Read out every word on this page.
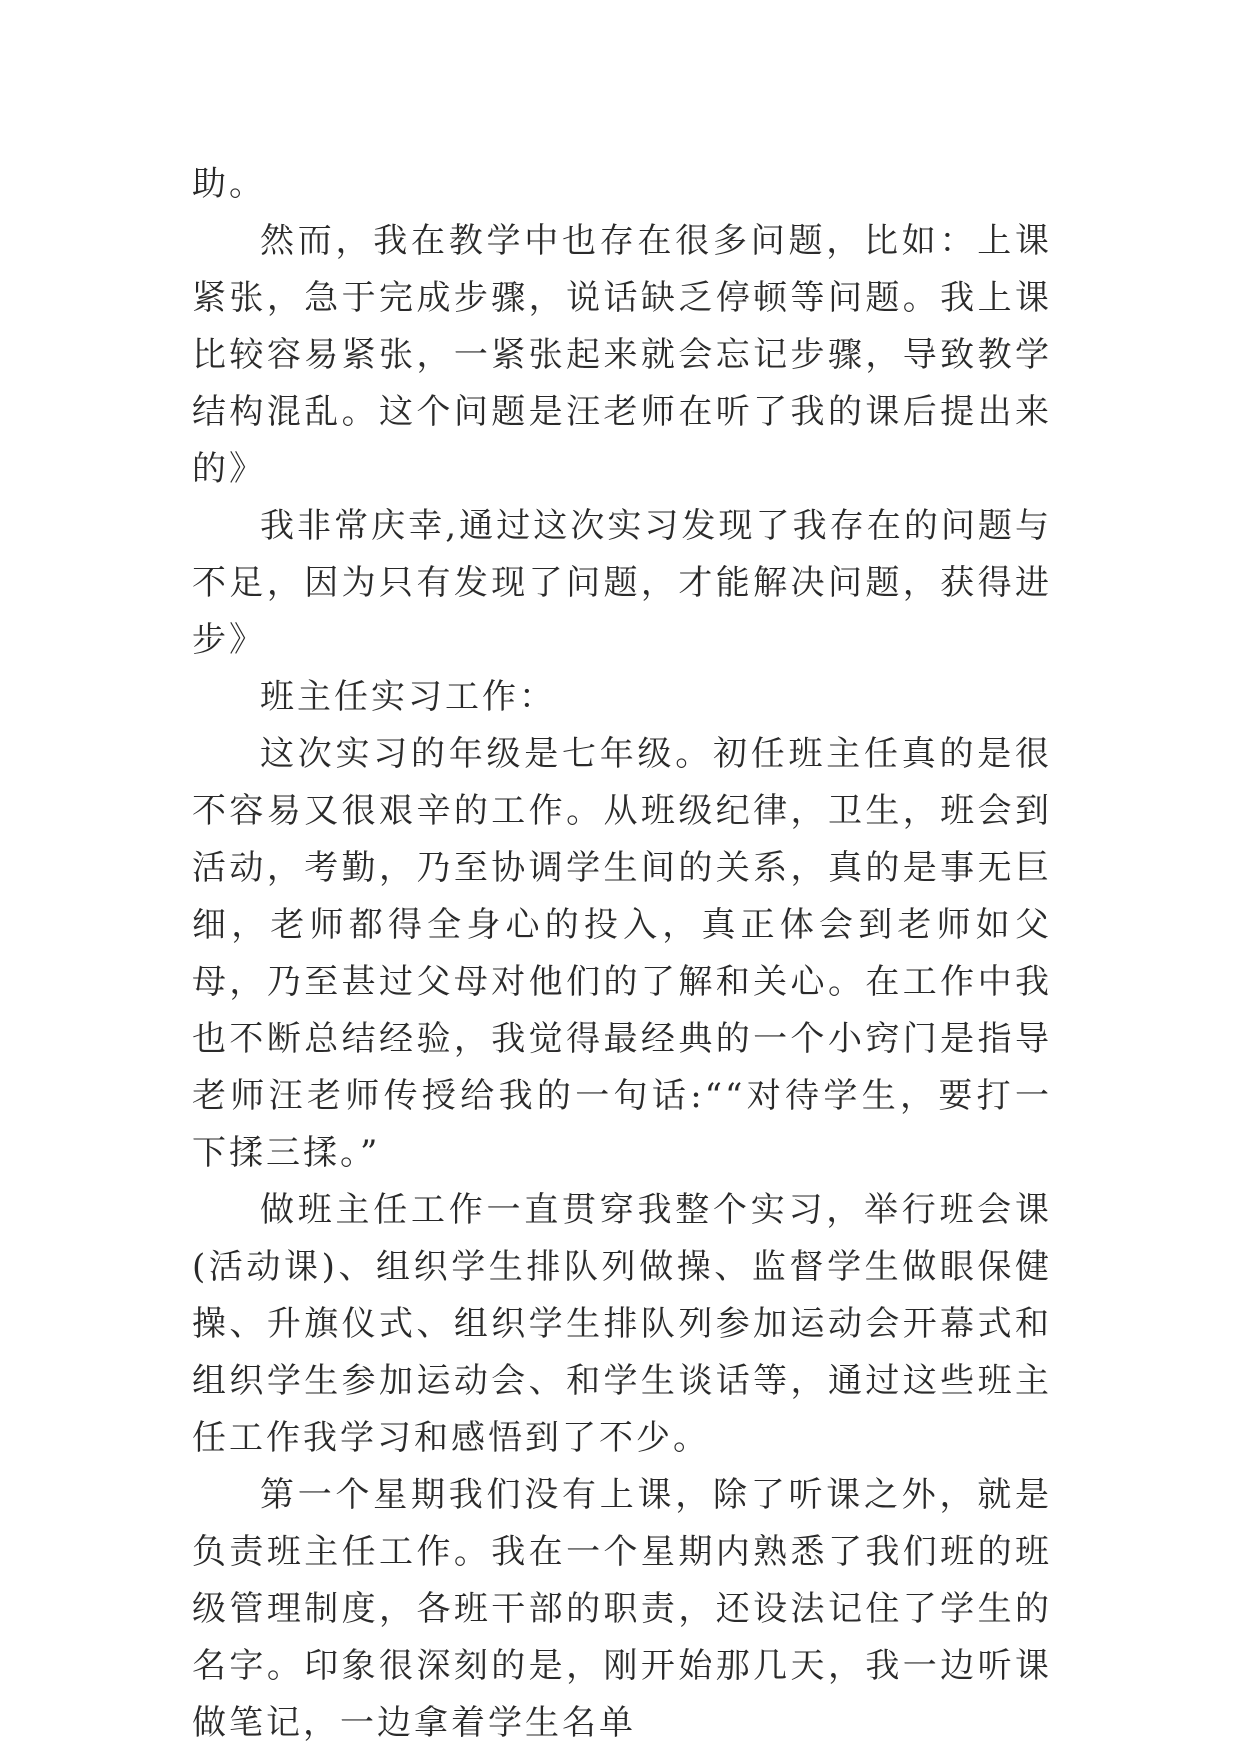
助。

然而，我在教学中也存在很多问题，比如：上课紧张，急于完成步骤，说话缺乏停顿等问题。我上课比较容易紧张，一紧张起来就会忘记步骤，导致教学结构混乱。这个问题是汪老师在听了我的课后提出来的》

我非常庆幸,通过这次实习发现了我存在的问题与不足，因为只有发现了问题，才能解决问题，获得进步》

班主任实习工作：

这次实习的年级是七年级。初任班主任真的是很不容易又很艰辛的工作。从班级纪律，卫生，班会到活动，考勤，乃至协调学生间的关系，真的是事无巨细，老师都得全身心的投入，真正体会到老师如父母，乃至甚过父母对他们的了解和关心。在工作中我也不断总结经验，我觉得最经典的一个小窍门是指导老师汪老师传授给我的一句话:““对待学生，要打一下揉三揉。”

做班主任工作一直贯穿我整个实习，举行班会课(活动课)、组织学生排队列做操、监督学生做眼保健操、升旗仪式、组织学生排队列参加运动会开幕式和组织学生参加运动会、和学生谈话等，通过这些班主任工作我学习和感悟到了不少。

第一个星期我们没有上课，除了听课之外，就是负责班主任工作。我在一个星期内熟悉了我们班的班级管理制度，各班干部的职责，还设法记住了学生的名字。印象很深刻的是，刚开始那几天，我一边听课做笔记，一边拿着学生名单
